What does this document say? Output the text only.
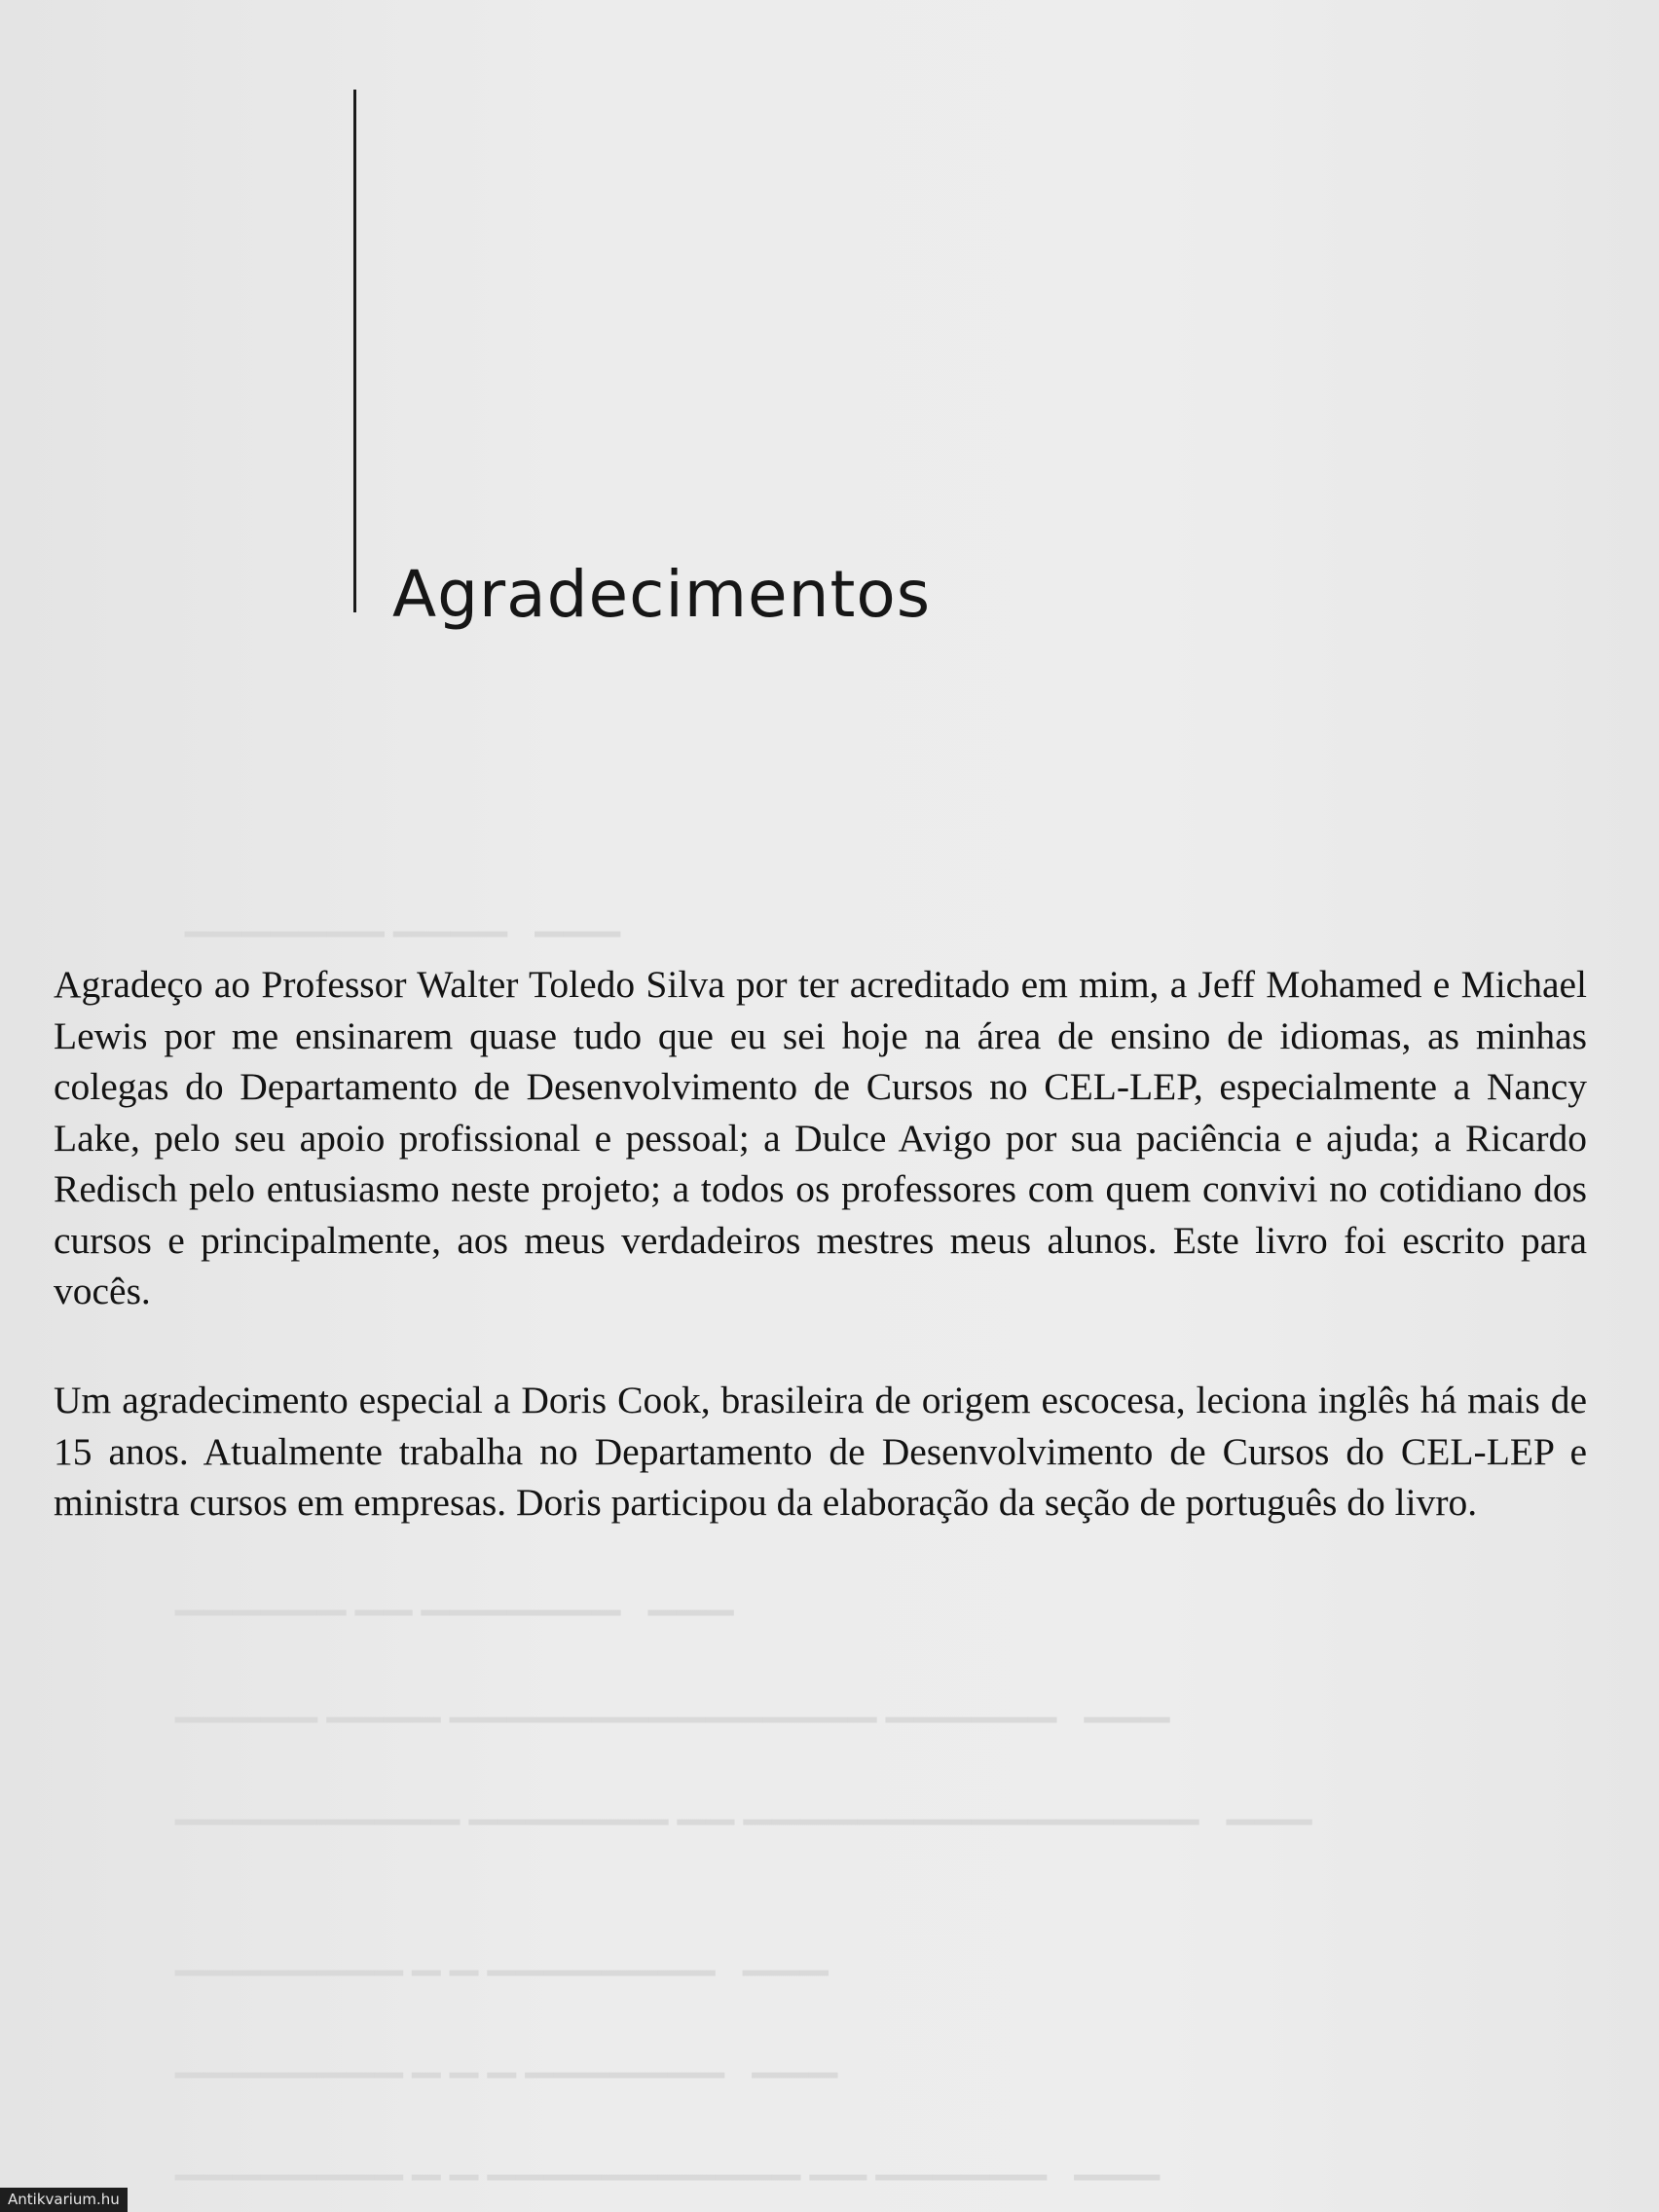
▁▁▁▁▁▁▁ ▁▁▁▁   ▁▁▁
▁▁▁▁▁▁ ▁▁ ▁▁▁▁▁▁▁   ▁▁▁
▁▁▁▁▁ ▁▁▁▁ ▁▁▁▁▁▁▁▁▁▁▁▁▁▁▁ ▁▁▁▁▁▁   ▁▁▁
▁▁▁▁▁▁▁▁▁▁ ▁▁▁▁▁▁▁ ▁▁ ▁▁▁▁▁▁▁▁▁▁▁▁▁▁▁▁   ▁▁▁
▁▁▁▁▁▁▁▁ ▁ ▁ ▁▁▁▁▁▁▁▁   ▁▁▁
▁▁▁▁▁▁▁▁ ▁ ▁ ▁ ▁▁▁▁▁▁▁   ▁▁▁
▁▁▁▁▁▁▁▁ ▁ ▁ ▁▁▁▁▁▁▁▁▁▁▁ ▁▁ ▁▁▁▁▁▁   ▁▁▁
Agradecimentos

Agradeço ao Professor Walter Toledo Silva por ter acreditado em mim, a Jeff Mohamed e Michael Lewis por me ensinarem quase tudo que eu sei hoje na área de ensino de idiomas, as minhas colegas do Departamento de Desenvolvimento de Cursos no CEL-LEP, especialmente a Nancy Lake, pelo seu apoio profissional e pessoal; a Dulce Avigo por sua paciência e ajuda; a Ricardo Redisch pelo entusiasmo neste projeto; a todos os professores com quem convivi no cotidiano dos cursos e principalmente, aos meus verdadeiros mestres meus alunos. Este livro foi escrito para vocês.

Um agradecimento especial a Doris Cook, brasileira de origem escocesa, leciona inglês há mais de 15 anos. Atualmente trabalha no Departamento de Desenvolvimento de Cursos do CEL-LEP e ministra cursos em empresas. Doris participou da elaboração da seção de português do livro.

Antikvarium.hu
